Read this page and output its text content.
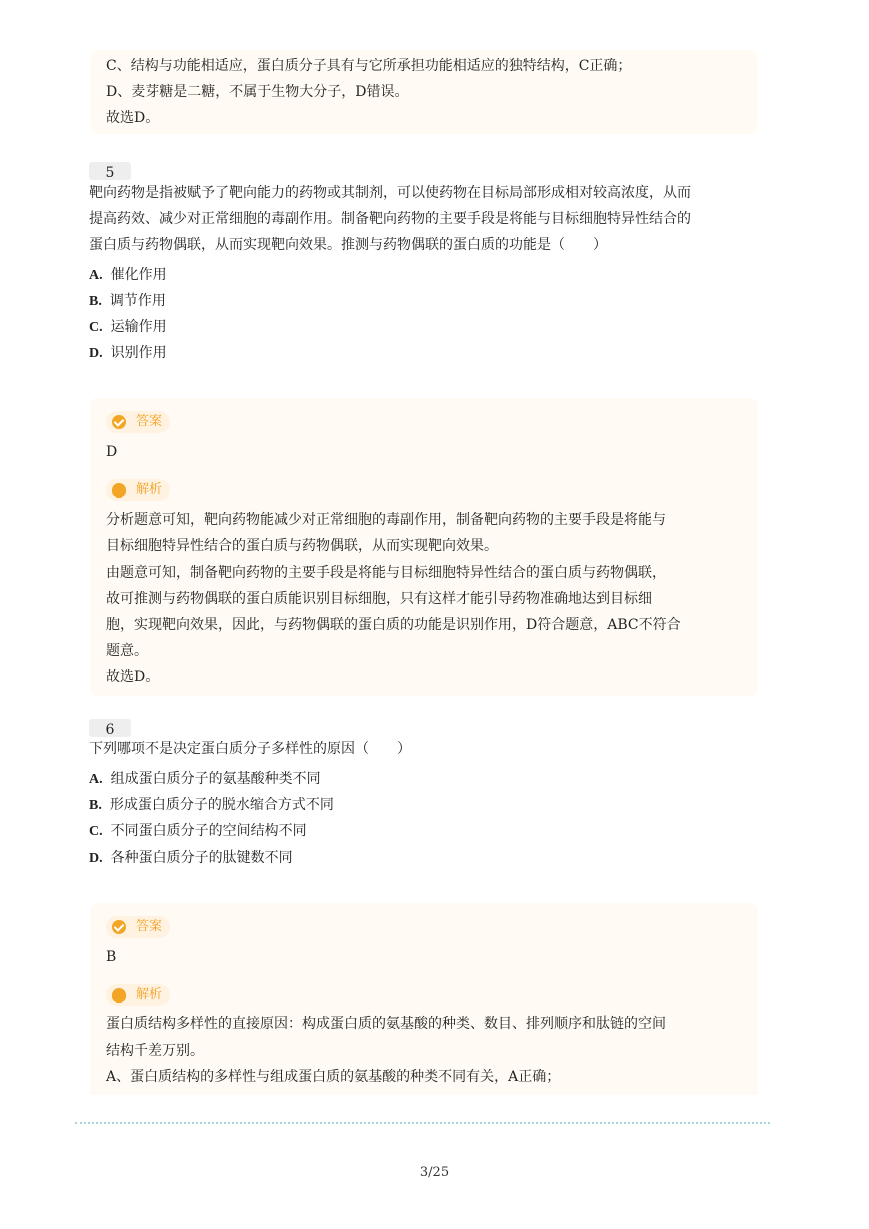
C、结构与功能相适应，蛋白质分子具有与它所承担功能相适应的独特结构，C正确；
D、麦芽糖是二糖，不属于生物大分子，D错误。
故选D。
5
靶向药物是指被赋予了靶向能力的药物或其制剂，可以使药物在目标局部形成相对较高浓度，从而
提高药效、减少对正常细胞的毒副作用。制备靶向药物的主要手段是将能与目标细胞特异性结合的
蛋白质与药物偶联，从而实现靶向效果。推测与药物偶联的蛋白质的功能是（　　）
A. 催化作用
B. 调节作用
C. 运输作用
D. 识别作用
答案
D
解析
分析题意可知，靶向药物能减少对正常细胞的毒副作用，制备靶向药物的主要手段是将能与
目标细胞特异性结合的蛋白质与药物偶联，从而实现靶向效果。
由题意可知，制备靶向药物的主要手段是将能与目标细胞特异性结合的蛋白质与药物偶联，
故可推测与药物偶联的蛋白质能识别目标细胞，只有这样才能引导药物准确地达到目标细
胞，实现靶向效果，因此，与药物偶联的蛋白质的功能是识别作用，D符合题意，ABC不符合
题意。
故选D。
6
下列哪项不是决定蛋白质分子多样性的原因（　　）
A. 组成蛋白质分子的氨基酸种类不同
B. 形成蛋白质分子的脱水缩合方式不同
C. 不同蛋白质分子的空间结构不同
D. 各种蛋白质分子的肽键数不同
答案
B
解析
蛋白质结构多样性的直接原因：构成蛋白质的氨基酸的种类、数目、排列顺序和肽链的空间
结构千差万别。
A、蛋白质结构的多样性与组成蛋白质的氨基酸的种类不同有关，A正确；
3/25
